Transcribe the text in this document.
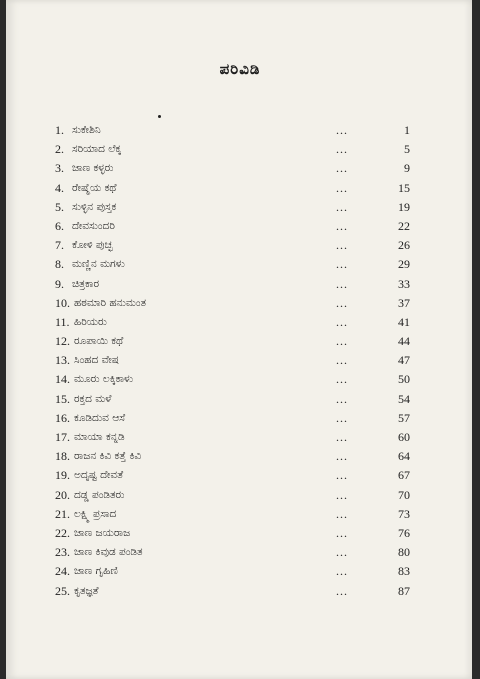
ಪರಿವಿಡಿ
1. ಸುಕೇಶಿನಿ	...	1
2. ಸರಿಯಾದ ಲೆಕ್ಕ	...	5
3. ಜಾಣ ಕಳ್ಳರು	...	9
4. ರೇಷ್ಮೆಯ ಕಥೆ	...	15
5. ಸುಳ್ಳಿನ ಪುಸ್ತಕ	...	19
6. ದೇವಸುಂದರಿ	...	22
7. ಕೋಳಿ ಪುಚ್ಛ	...	26
8. ಮಣ್ಣಿನ ಮಗಳು	...	29
9. ಚಿತ್ರಕಾರ	...	33
10. ಹಠಮಾರಿ ಹನುಮಂತ	...	37
11. ಹಿರಿಯರು	...	41
12. ರೂಪಾಯಿ ಕಥೆ	...	44
13. ಸಿಂಹದ ವೇಷ	...	47
14. ಮೂರು ಲಕ್ಕಿಕಾಳು	...	50
15. ರಕ್ತದ ಮಳೆ	...	54
16. ಕೂಡಿದುವ ಆಸೆ	...	57
17. ಮಾಯಾ ಕನ್ನಡಿ	...	60
18. ರಾಜನ ಕಿವಿ ಕತ್ತೆ ಕಿವಿ	...	64
19. ಅದೃಷ್ಟ ದೇವತೆ	...	67
20. ದಡ್ಡ ಪಂಡಿತರು	...	70
21. ಲಕ್ಷ್ಮಿ ಪ್ರಸಾದ	...	73
22. ಜಾಣ ಜಯರಾಜ	...	76
23. ಜಾಣ ಕಿವುಡ ಪಂಡಿತ	...	80
24. ಜಾಣ ಗೃಹಿಣಿ	...	83
25. ಕೃತಜ್ಞತೆ	...	87
